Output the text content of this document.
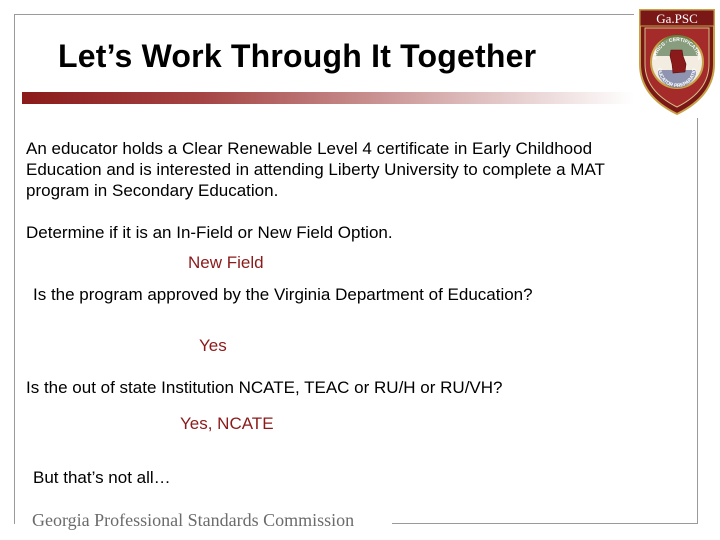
Let’s Work Through It Together
Ga.PSC
ETHICS · CERTIFICATION
DUCATOR PREPARATIO
An educator holds a Clear Renewable Level 4 certificate in Early Childhood
Education and is interested in attending Liberty University to complete a MAT
program in Secondary Education.
Determine if it is an In-Field or New Field Option.
New Field
Is the program approved by the Virginia Department of Education?
Yes
Is the out of state Institution NCATE, TEAC or RU/H or RU/VH?
Yes, NCATE
But that’s not all…
Georgia Professional Standards Commission
